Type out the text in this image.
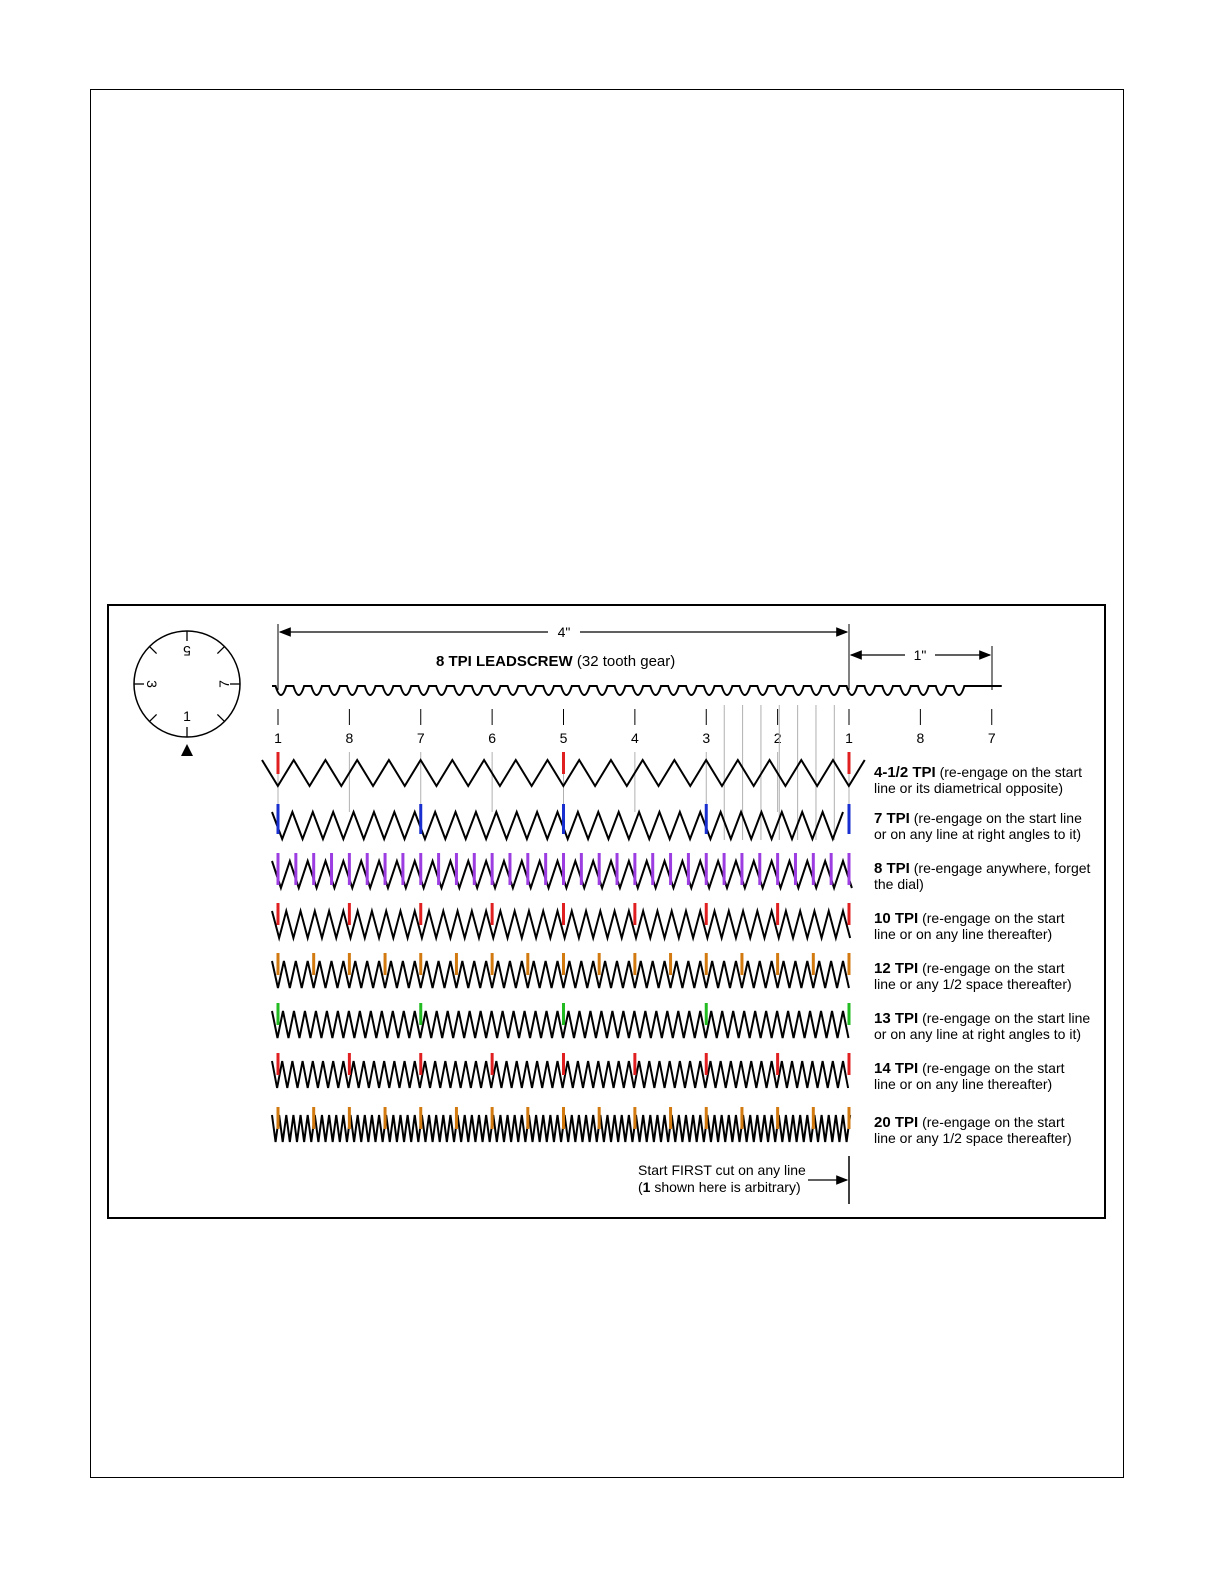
1
7
5
3
4"
1"
8 TPI LEADSCREW (32 tooth gear)
1	8	7	6	5	4	3	2	1	8	7
4-1/2 TPI (re-engage on the start
line or its diametrical opposite)
7 TPI (re-engage on the start line
or on any line at right angles to it)
8 TPI (re-engage anywhere, forget
the dial)
10 TPI (re-engage on the start
line or on any line thereafter)
12 TPI (re-engage on the start
line or any 1/2 space thereafter)
13 TPI (re-engage on the start line
or on any line at right angles to it)
14 TPI (re-engage on the start
line or on any line thereafter)
20 TPI (re-engage on the start
line or any 1/2 space thereafter)
Start FIRST cut on any line
(1 shown here is arbitrary)
